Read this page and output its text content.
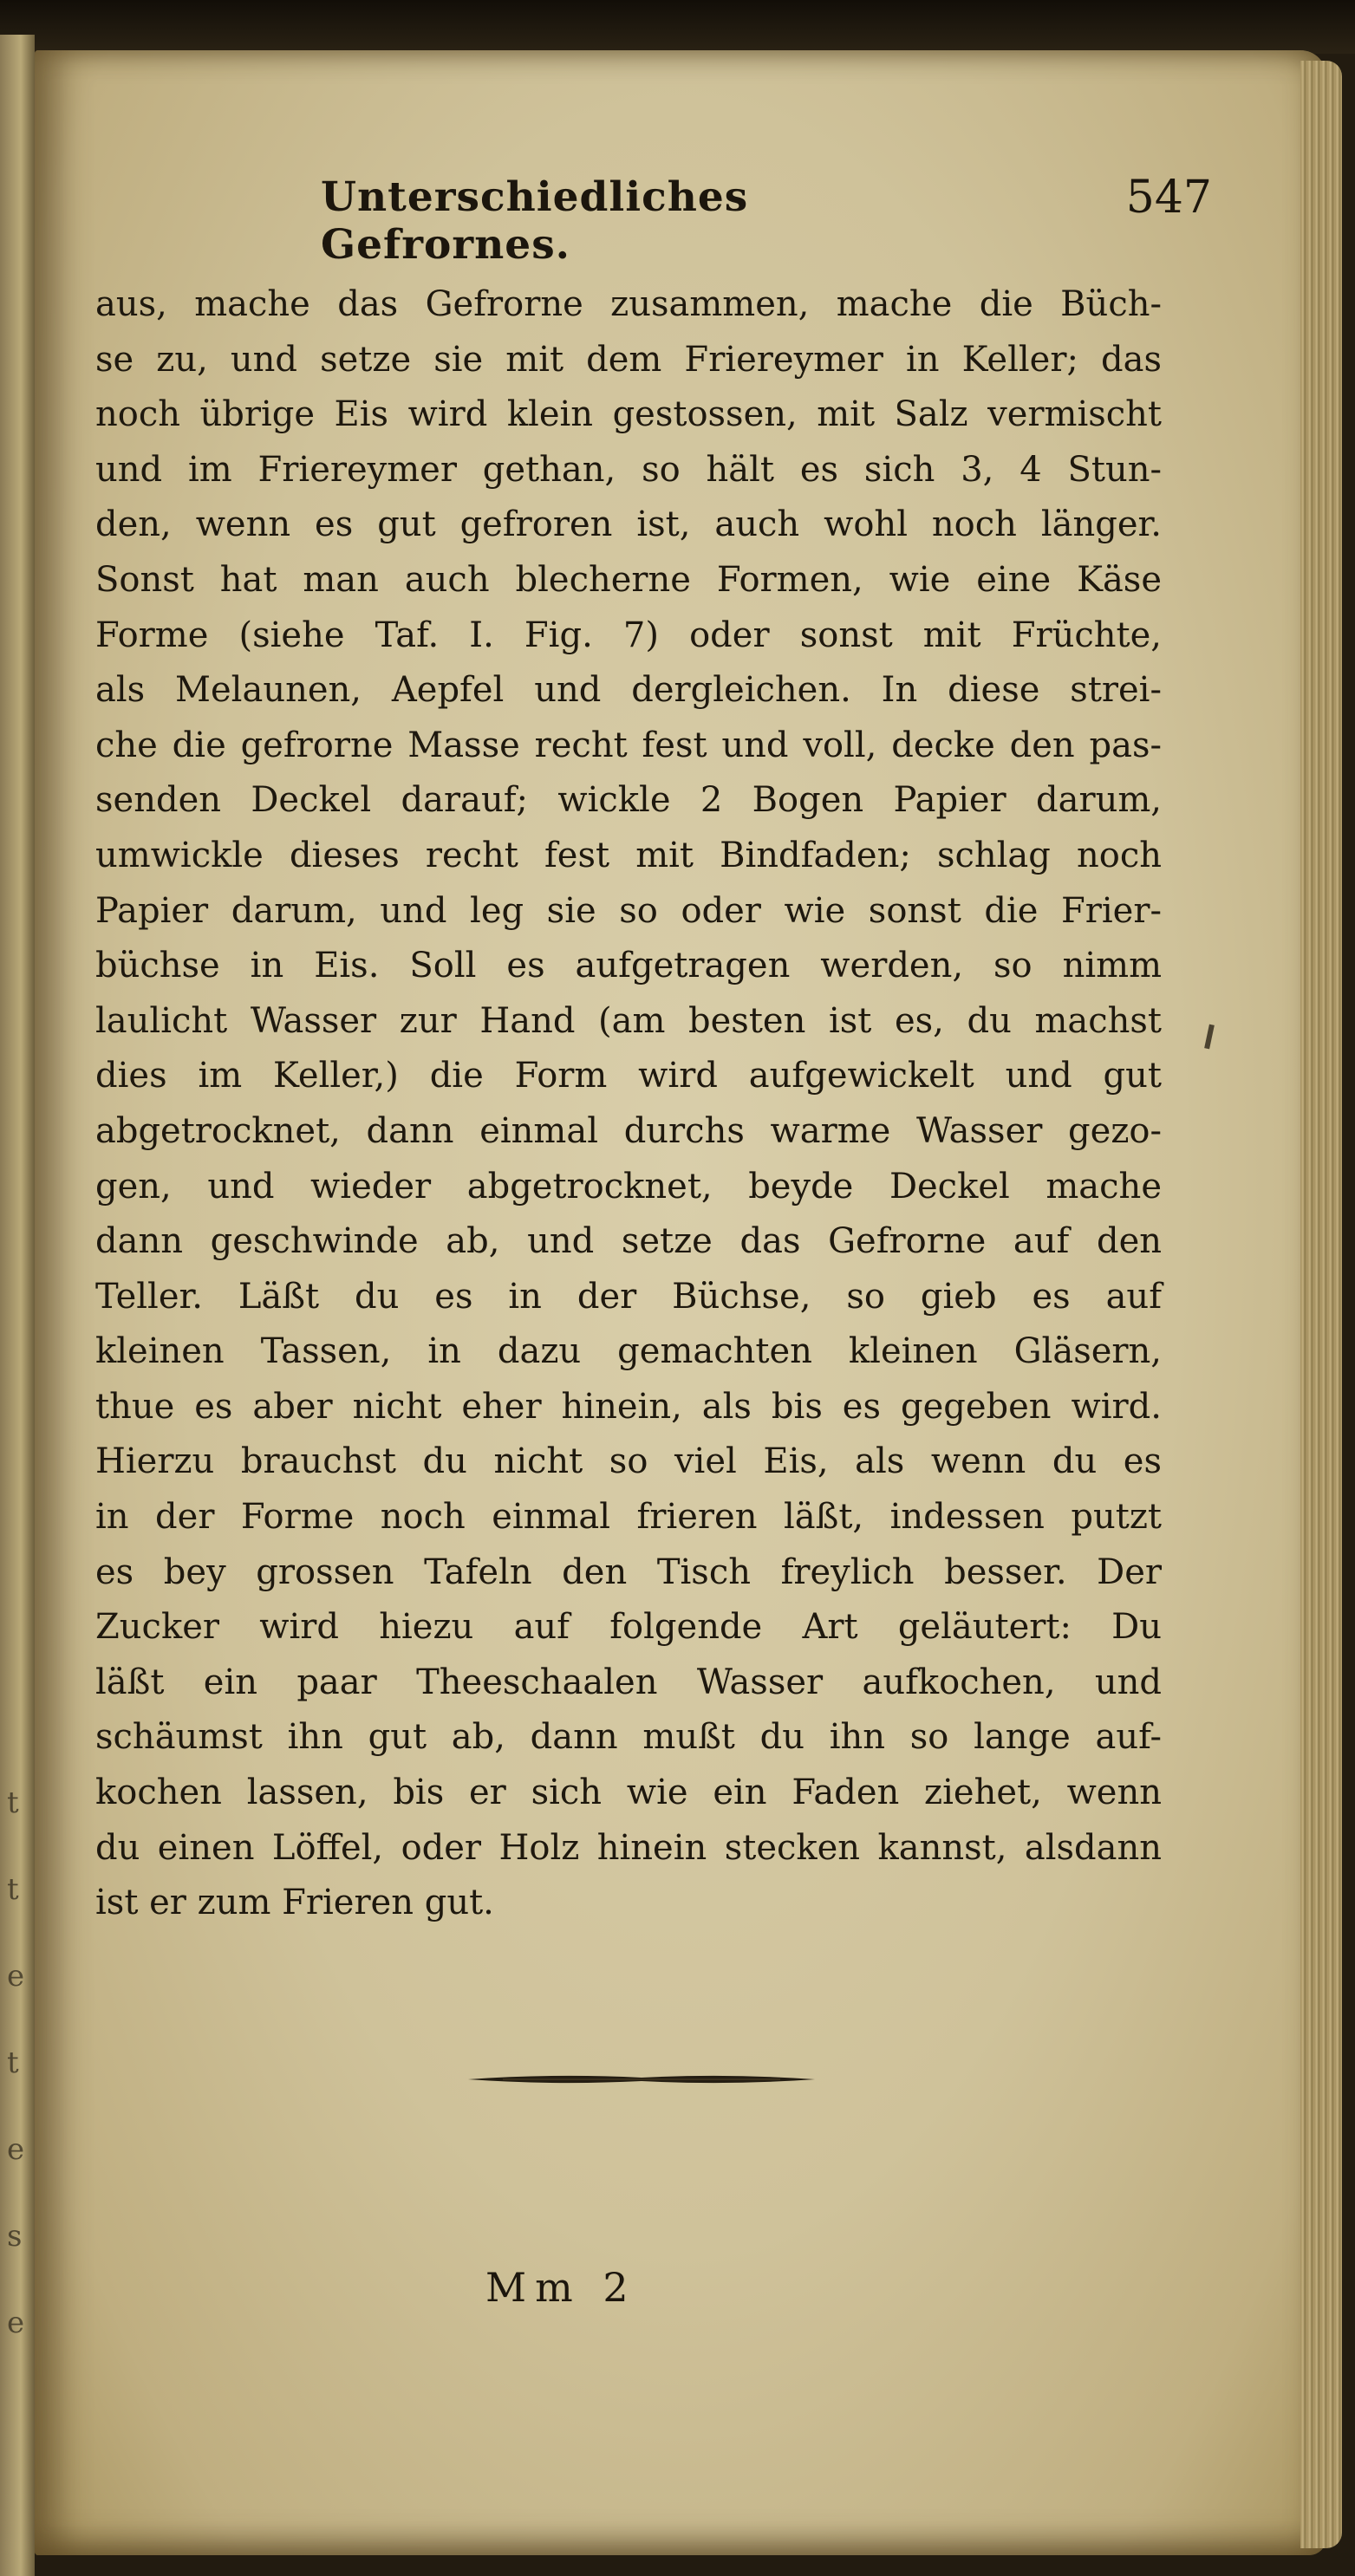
t
t
e
t
e
s
e
Unterschiedliches Gefrornes.
547
aus, mache das Gefrorne zusammen, mache die Büch-
se zu, und setze sie mit dem Friereymer in Keller; das
noch übrige Eis wird klein gestossen, mit Salz vermischt
und im Friereymer gethan, so hält es sich 3, 4 Stun-
den, wenn es gut gefroren ist, auch wohl noch länger.
Sonst hat man auch blecherne Formen, wie eine Käse
Forme (siehe Taf. I. Fig. 7) oder sonst mit Früchte,
als Melaunen, Aepfel und dergleichen. In diese strei-
che die gefrorne Masse recht fest und voll, decke den pas-
senden Deckel darauf; wickle 2 Bogen Papier darum,
umwickle dieses recht fest mit Bindfaden; schlag noch
Papier darum, und leg sie so oder wie sonst die Frier-
büchse in Eis. Soll es aufgetragen werden, so nimm
laulicht Wasser zur Hand (am besten ist es, du machst
dies im Keller,) die Form wird aufgewickelt und gut
abgetrocknet, dann einmal durchs warme Wasser gezo-
gen, und wieder abgetrocknet, beyde Deckel mache
dann geschwinde ab, und setze das Gefrorne auf den
Teller. Läßt du es in der Büchse, so gieb es auf
kleinen Tassen, in dazu gemachten kleinen Gläsern,
thue es aber nicht eher hinein, als bis es gegeben wird.
Hierzu brauchst du nicht so viel Eis, als wenn du es
in der Forme noch einmal frieren läßt, indessen putzt
es bey grossen Tafeln den Tisch freylich besser. Der
Zucker wird hiezu auf folgende Art geläutert: Du
läßt ein paar Theeschaalen Wasser aufkochen, und
schäumst ihn gut ab, dann mußt du ihn so lange auf-
kochen lassen, bis er sich wie ein Faden ziehet, wenn
du einen Löffel, oder Holz hinein stecken kannst, alsdann
ist er zum Frieren gut.
Mm 2
